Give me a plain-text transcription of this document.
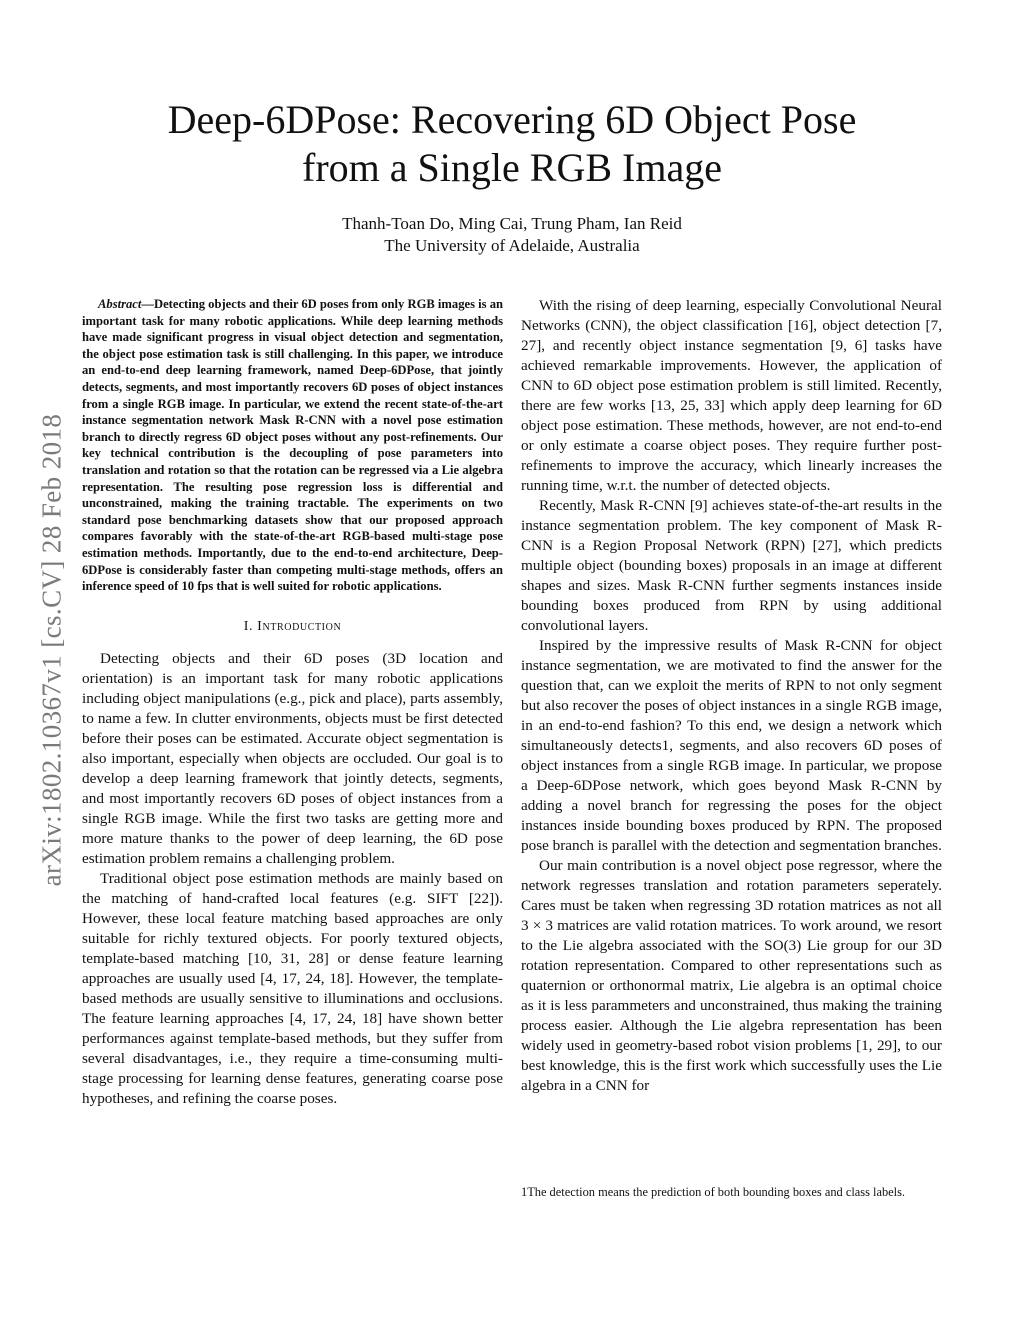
arXiv:1802.10367v1 [cs.CV] 28 Feb 2018
Deep-6DPose: Recovering 6D Object Pose
from a Single RGB Image
Thanh-Toan Do, Ming Cai, Trung Pham, Ian Reid
The University of Adelaide, Australia

Abstract—Detecting objects and their 6D poses from only RGB images is an important task for many robotic applications. While deep learning methods have made significant progress in visual object detection and segmentation, the object pose estimation task is still challenging. In this paper, we introduce an end-to-end deep learning framework, named Deep-6DPose, that jointly detects, segments, and most importantly recovers 6D poses of object instances from a single RGB image. In particular, we extend the recent state-of-the-art instance segmentation network Mask R-CNN with a novel pose estimation branch to directly regress 6D object poses without any post-refinements. Our key technical contribution is the decoupling of pose parameters into translation and rotation so that the rotation can be regressed via a Lie algebra representation. The resulting pose regression loss is differential and unconstrained, making the training tractable. The experiments on two standard pose benchmarking datasets show that our proposed approach compares favorably with the state-of-the-art RGB-based multi-stage pose estimation methods. Importantly, due to the end-to-end architecture, Deep-6DPose is considerably faster than competing multi-stage methods, offers an inference speed of 10 fps that is well suited for robotic applications.

I. Introduction

Detecting objects and their 6D poses (3D location and orientation) is an important task for many robotic applications including object manipulations (e.g., pick and place), parts assembly, to name a few. In clutter environments, objects must be first detected before their poses can be estimated. Accurate object segmentation is also important, especially when objects are occluded. Our goal is to develop a deep learning framework that jointly detects, segments, and most importantly recovers 6D poses of object instances from a single RGB image. While the first two tasks are getting more and more mature thanks to the power of deep learning, the 6D pose estimation problem remains a challenging problem.

Traditional object pose estimation methods are mainly based on the matching of hand-crafted local features (e.g. SIFT [22]). However, these local feature matching based approaches are only suitable for richly textured objects. For poorly textured objects, template-based matching [10, 31, 28] or dense feature learning approaches are usually used [4, 17, 24, 18]. However, the template-based methods are usually sensitive to illuminations and occlusions. The feature learning approaches [4, 17, 24, 18] have shown better performances against template-based methods, but they suffer from several disadvantages, i.e., they require a time-consuming multi-stage processing for learning dense features, generating coarse pose hypotheses, and refining the coarse poses.

With the rising of deep learning, especially Convolutional Neural Networks (CNN), the object classification [16], object detection [7, 27], and recently object instance segmentation [9, 6] tasks have achieved remarkable improvements. However, the application of CNN to 6D object pose estimation problem is still limited. Recently, there are few works [13, 25, 33] which apply deep learning for 6D object pose estimation. These methods, however, are not end-to-end or only estimate a coarse object poses. They require further post-refinements to improve the accuracy, which linearly increases the running time, w.r.t. the number of detected objects.

Recently, Mask R-CNN [9] achieves state-of-the-art results in the instance segmentation problem. The key component of Mask R-CNN is a Region Proposal Network (RPN) [27], which predicts multiple object (bounding boxes) proposals in an image at different shapes and sizes. Mask R-CNN further segments instances inside bounding boxes produced from RPN by using additional convolutional layers.

Inspired by the impressive results of Mask R-CNN for object instance segmentation, we are motivated to find the answer for the question that, can we exploit the merits of RPN to not only segment but also recover the poses of object instances in a single RGB image, in an end-to-end fashion? To this end, we design a network which simultaneously detects1, segments, and also recovers 6D poses of object instances from a single RGB image. In particular, we propose a Deep-6DPose network, which goes beyond Mask R-CNN by adding a novel branch for regressing the poses for the object instances inside bounding boxes produced by RPN. The proposed pose branch is parallel with the detection and segmentation branches.

Our main contribution is a novel object pose regressor, where the network regresses translation and rotation parameters seperately. Cares must be taken when regressing 3D rotation matrices as not all 3 × 3 matrices are valid rotation matrices. To work around, we resort to the Lie algebra associated with the SO(3) Lie group for our 3D rotation representation. Compared to other representations such as quaternion or orthonormal matrix, Lie algebra is an optimal choice as it is less parammeters and unconstrained, thus making the training process easier. Although the Lie algebra representation has been widely used in geometry-based robot vision problems [1, 29], to our best knowledge, this is the first work which successfully uses the Lie algebra in a CNN for

1The detection means the prediction of both bounding boxes and class labels.
